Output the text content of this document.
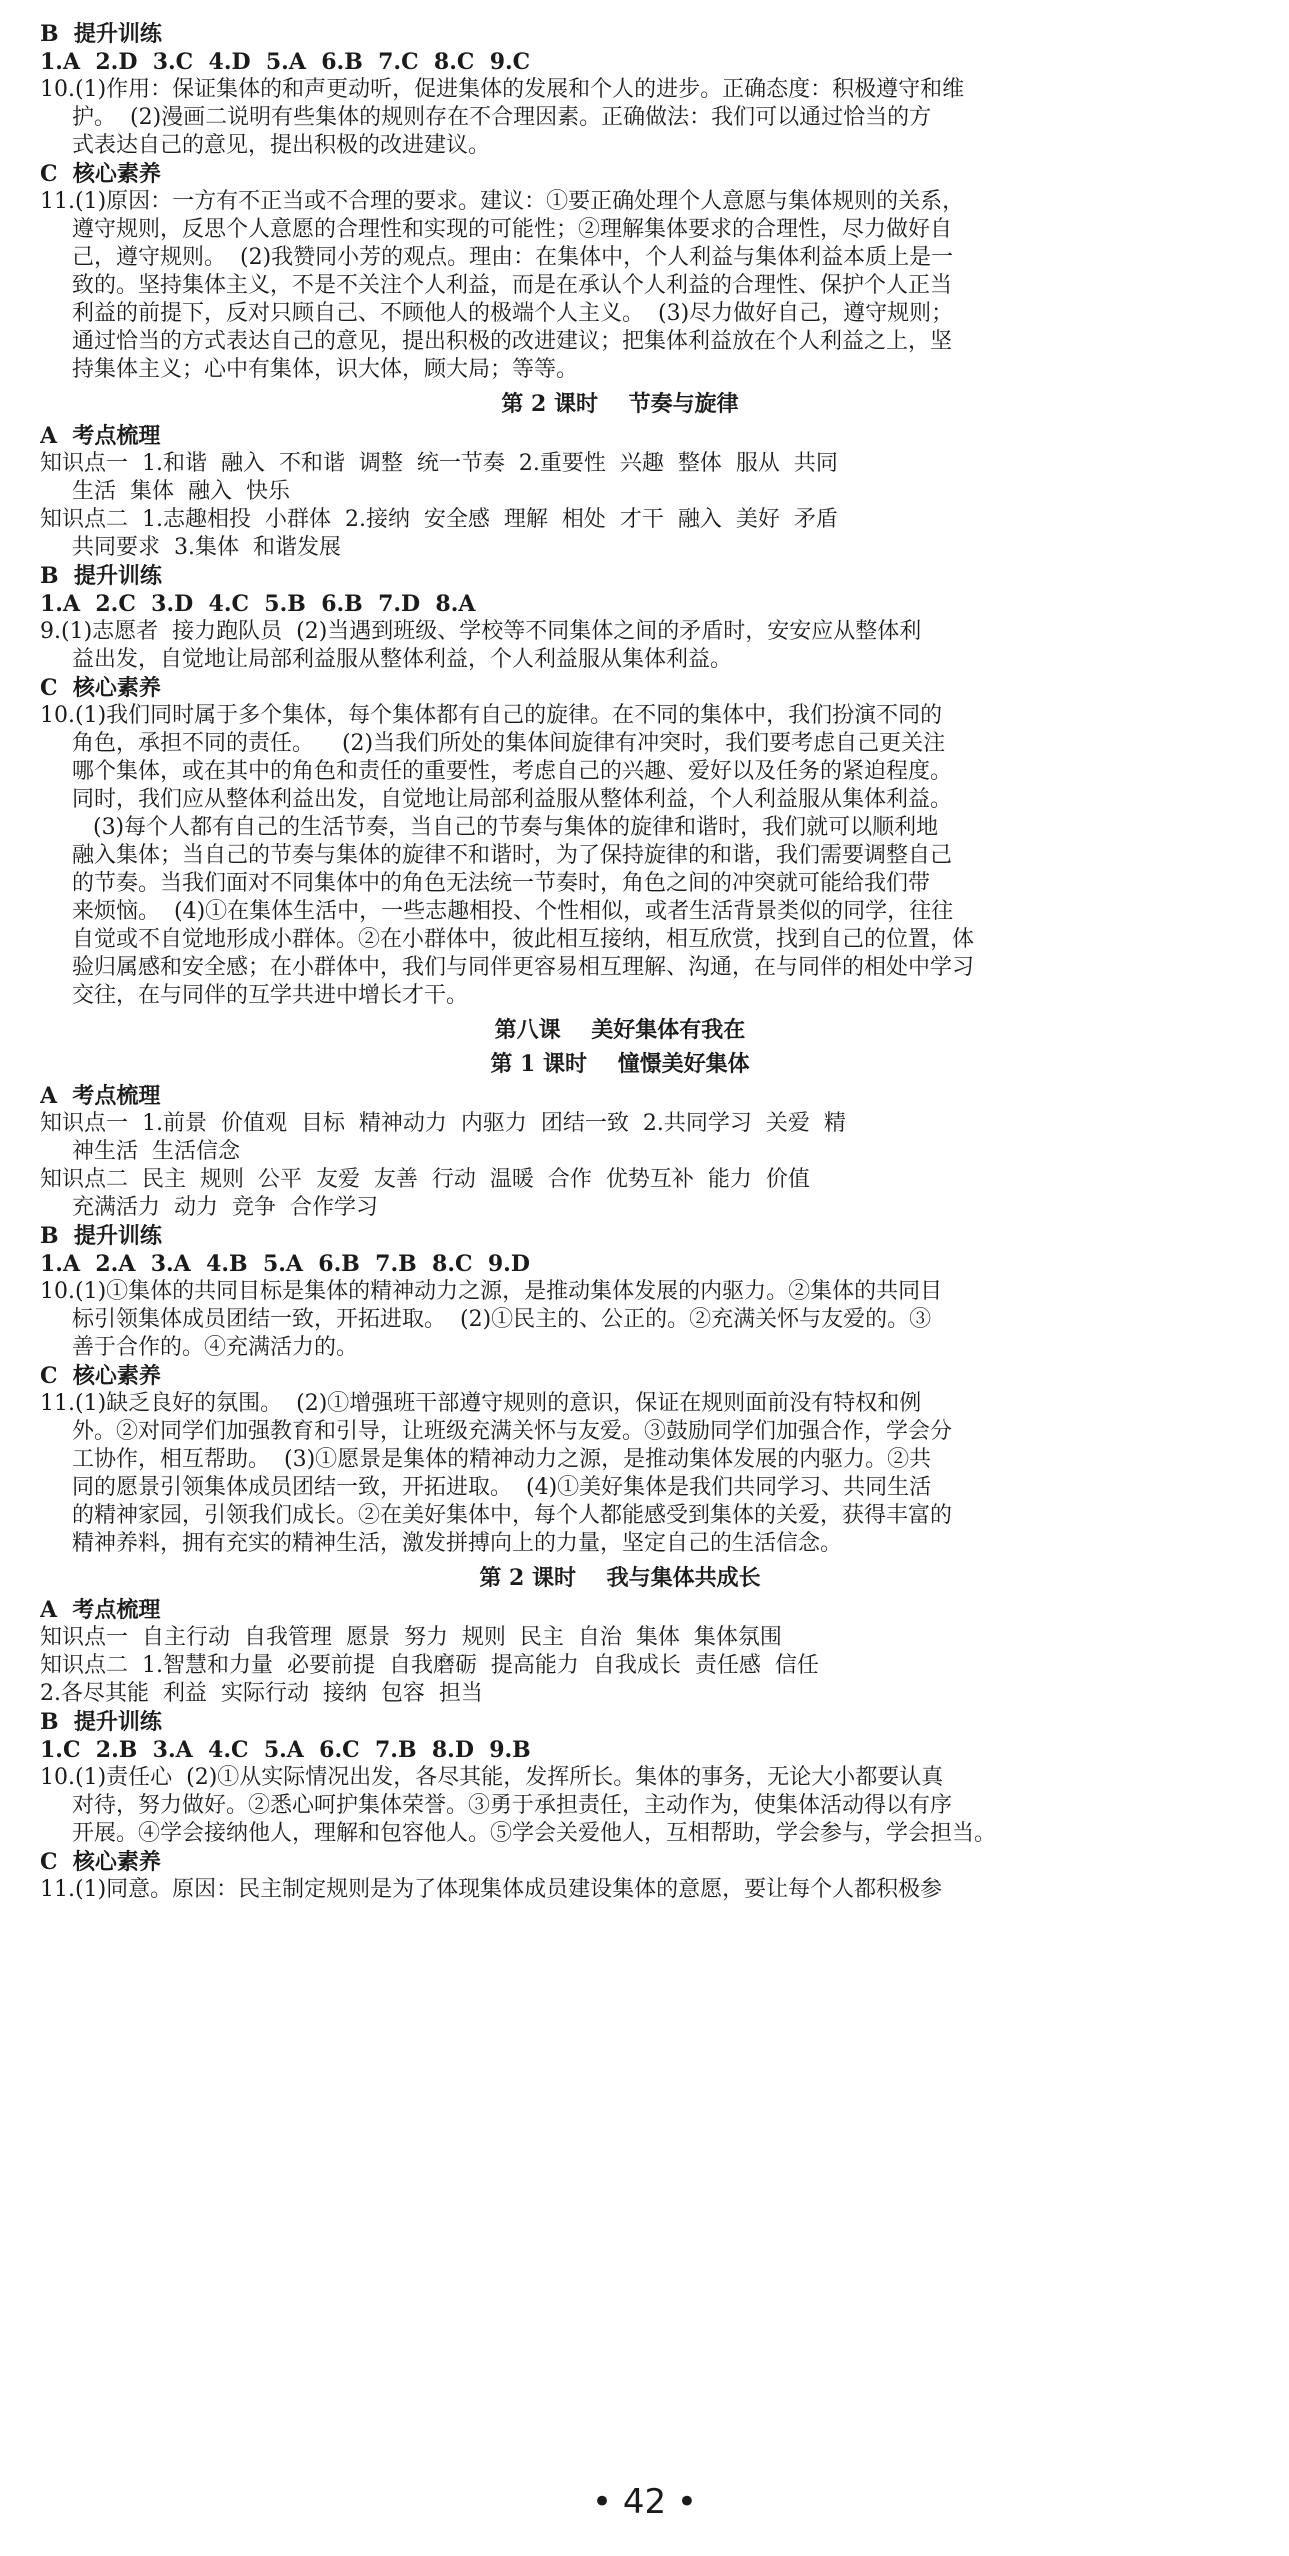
B  提升训练
1.A  2.D  3.C  4.D  5.A  6.B  7.C  8.C  9.C
10.(1)作用：保证集体的和声更动听，促进集体的发展和个人的进步。正确态度：积极遵守和维
护。  (2)漫画二说明有些集体的规则存在不合理因素。正确做法：我们可以通过恰当的方
式表达自己的意见，提出积极的改进建议。
C  核心素养
11.(1)原因：一方有不正当或不合理的要求。建议：①要正确处理个人意愿与集体规则的关系，
遵守规则，反思个人意愿的合理性和实现的可能性；②理解集体要求的合理性，尽力做好自
己，遵守规则。  (2)我赞同小芳的观点。理由：在集体中，个人利益与集体利益本质上是一
致的。坚持集体主义，不是不关注个人利益，而是在承认个人利益的合理性、保护个人正当
利益的前提下，反对只顾自己、不顾他人的极端个人主义。  (3)尽力做好自己，遵守规则；
通过恰当的方式表达自己的意见，提出积极的改进建议；把集体利益放在个人利益之上，坚
持集体主义；心中有集体，识大体，顾大局；等等。
第 2 课时    节奏与旋律
A  考点梳理
知识点一  1.和谐  融入  不和谐  调整  统一节奏  2.重要性  兴趣  整体  服从  共同
生活  集体  融入  快乐
知识点二  1.志趣相投  小群体  2.接纳  安全感  理解  相处  才干  融入  美好  矛盾
共同要求  3.集体  和谐发展
B  提升训练
1.A  2.C  3.D  4.C  5.B  6.B  7.D  8.A
9.(1)志愿者  接力跑队员  (2)当遇到班级、学校等不同集体之间的矛盾时，安安应从整体利
益出发，自觉地让局部利益服从整体利益，个人利益服从集体利益。
C  核心素养
10.(1)我们同时属于多个集体，每个集体都有自己的旋律。在不同的集体中，我们扮演不同的
角色，承担不同的责任。    (2)当我们所处的集体间旋律有冲突时，我们要考虑自己更关注
哪个集体，或在其中的角色和责任的重要性，考虑自己的兴趣、爱好以及任务的紧迫程度。
同时，我们应从整体利益出发，自觉地让局部利益服从整体利益，个人利益服从集体利益。
(3)每个人都有自己的生活节奏，当自己的节奏与集体的旋律和谐时，我们就可以顺利地
融入集体；当自己的节奏与集体的旋律不和谐时，为了保持旋律的和谐，我们需要调整自己
的节奏。当我们面对不同集体中的角色无法统一节奏时，角色之间的冲突就可能给我们带
来烦恼。  (4)①在集体生活中，一些志趣相投、个性相似，或者生活背景类似的同学，往往
自觉或不自觉地形成小群体。②在小群体中，彼此相互接纳，相互欣赏，找到自己的位置，体
验归属感和安全感；在小群体中，我们与同伴更容易相互理解、沟通，在与同伴的相处中学习
交往，在与同伴的互学共进中增长才干。
第八课    美好集体有我在
第 1 课时    憧憬美好集体
A  考点梳理
知识点一  1.前景  价值观  目标  精神动力  内驱力  团结一致  2.共同学习  关爱  精
神生活  生活信念
知识点二  民主  规则  公平  友爱  友善  行动  温暖  合作  优势互补  能力  价值
充满活力  动力  竞争  合作学习
B  提升训练
1.A  2.A  3.A  4.B  5.A  6.B  7.B  8.C  9.D
10.(1)①集体的共同目标是集体的精神动力之源，是推动集体发展的内驱力。②集体的共同目
标引领集体成员团结一致，开拓进取。  (2)①民主的、公正的。②充满关怀与友爱的。③
善于合作的。④充满活力的。
C  核心素养
11.(1)缺乏良好的氛围。  (2)①增强班干部遵守规则的意识，保证在规则面前没有特权和例
外。②对同学们加强教育和引导，让班级充满关怀与友爱。③鼓励同学们加强合作，学会分
工协作，相互帮助。  (3)①愿景是集体的精神动力之源，是推动集体发展的内驱力。②共
同的愿景引领集体成员团结一致，开拓进取。  (4)①美好集体是我们共同学习、共同生活
的精神家园，引领我们成长。②在美好集体中，每个人都能感受到集体的关爱，获得丰富的
精神养料，拥有充实的精神生活，激发拼搏向上的力量，坚定自己的生活信念。
第 2 课时    我与集体共成长
A  考点梳理
知识点一  自主行动  自我管理  愿景  努力  规则  民主  自治  集体  集体氛围
知识点二  1.智慧和力量  必要前提  自我磨砺  提高能力  自我成长  责任感  信任
2.各尽其能  利益  实际行动  接纳  包容  担当
B  提升训练
1.C  2.B  3.A  4.C  5.A  6.C  7.B  8.D  9.B
10.(1)责任心  (2)①从实际情况出发，各尽其能，发挥所长。集体的事务，无论大小都要认真
对待，努力做好。②悉心呵护集体荣誉。③勇于承担责任，主动作为，使集体活动得以有序
开展。④学会接纳他人，理解和包容他人。⑤学会关爱他人，互相帮助，学会参与，学会担当。
C  核心素养
11.(1)同意。原因：民主制定规则是为了体现集体成员建设集体的意愿，要让每个人都积极参
• 42 •
